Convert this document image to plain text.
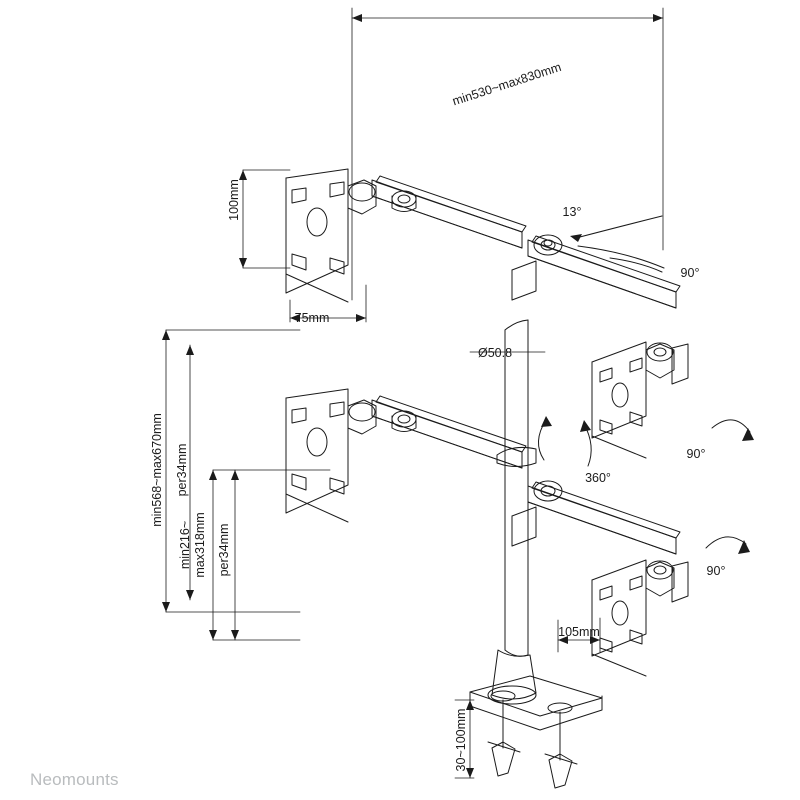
min530~max830mm
100mm
75mm
13°
90°
Ø50.8
min568~max670mm per34mm
min216~ max318mm per34mm
360°
90°
90°
105mm
30~100mm
Neomounts
